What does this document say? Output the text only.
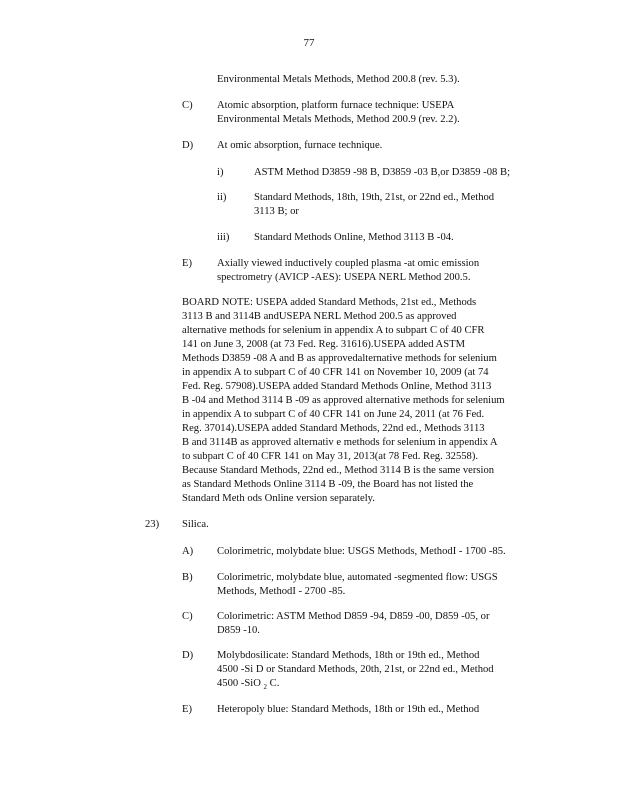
77
Environmental Metals Methods, Method 200.8 (rev. 5.3).
C)	Atomic absorption, platform furnace technique: USEPA
Environmental Metals Methods, Method 200.9 (rev. 2.2).
D)	At omic absorption, furnace technique.
i)	ASTM Method D3859 -98 B, D3859 -03 B,or D3859 -08 B;
ii)	Standard Methods, 18th, 19th, 21st, or 22nd ed., Method
3113 B; or
iii)	Standard Methods Online, Method 3113 B -04.
E)	Axially viewed inductively coupled plasma -at omic emission
spectrometry (AVICP -AES): USEPA NERL Method 200.5.
BOARD NOTE: USEPA added Standard Methods, 21st ed., Methods
3113 B and 3114B andUSEPA NERL Method 200.5 as approved
alternative methods for selenium in appendix A to subpart C of 40 CFR
141 on June 3, 2008 (at 73 Fed. Reg. 31616).USEPA added ASTM
Methods D3859 -08 A and B as approvedalternative methods for selenium
in appendix A to subpart C of 40 CFR 141 on November 10, 2009 (at 74
Fed. Reg. 57908).USEPA added Standard Methods Online, Method 3113
B -04 and Method 3114 B -09 as approved alternative methods for selenium
in appendix A to subpart C of 40 CFR 141 on June 24, 2011 (at 76 Fed.
Reg. 37014).USEPA added Standard Methods, 22nd ed., Methods 3113
B and 3114B as approved alternativ e methods for selenium in appendix A
to subpart C of 40 CFR 141 on May 31, 2013(at 78 Fed. Reg. 32558).
Because Standard Methods, 22nd ed., Method 3114 B is the same version
as Standard Methods Online 3114 B -09, the Board has not listed the
Standard Meth ods Online version separately.
23)	Silica.
A)	Colorimetric, molybdate blue: USGS Methods, MethodI - 1700 -85.
B)	Colorimetric, molybdate blue, automated -segmented flow: USGS
Methods, MethodI - 2700 -85.
C)	Colorimetric: ASTM Method D859 -94, D859 -00, D859 -05, or
D859 -10.
D)	Molybdosilicate: Standard Methods, 18th or 19th ed., Method
4500 -Si D or Standard Methods, 20th, 21st, or 22nd ed., Method
4500 -SiO $_2$ C.
E)	Heteropoly blue: Standard Methods, 18th or 19th ed., Method
